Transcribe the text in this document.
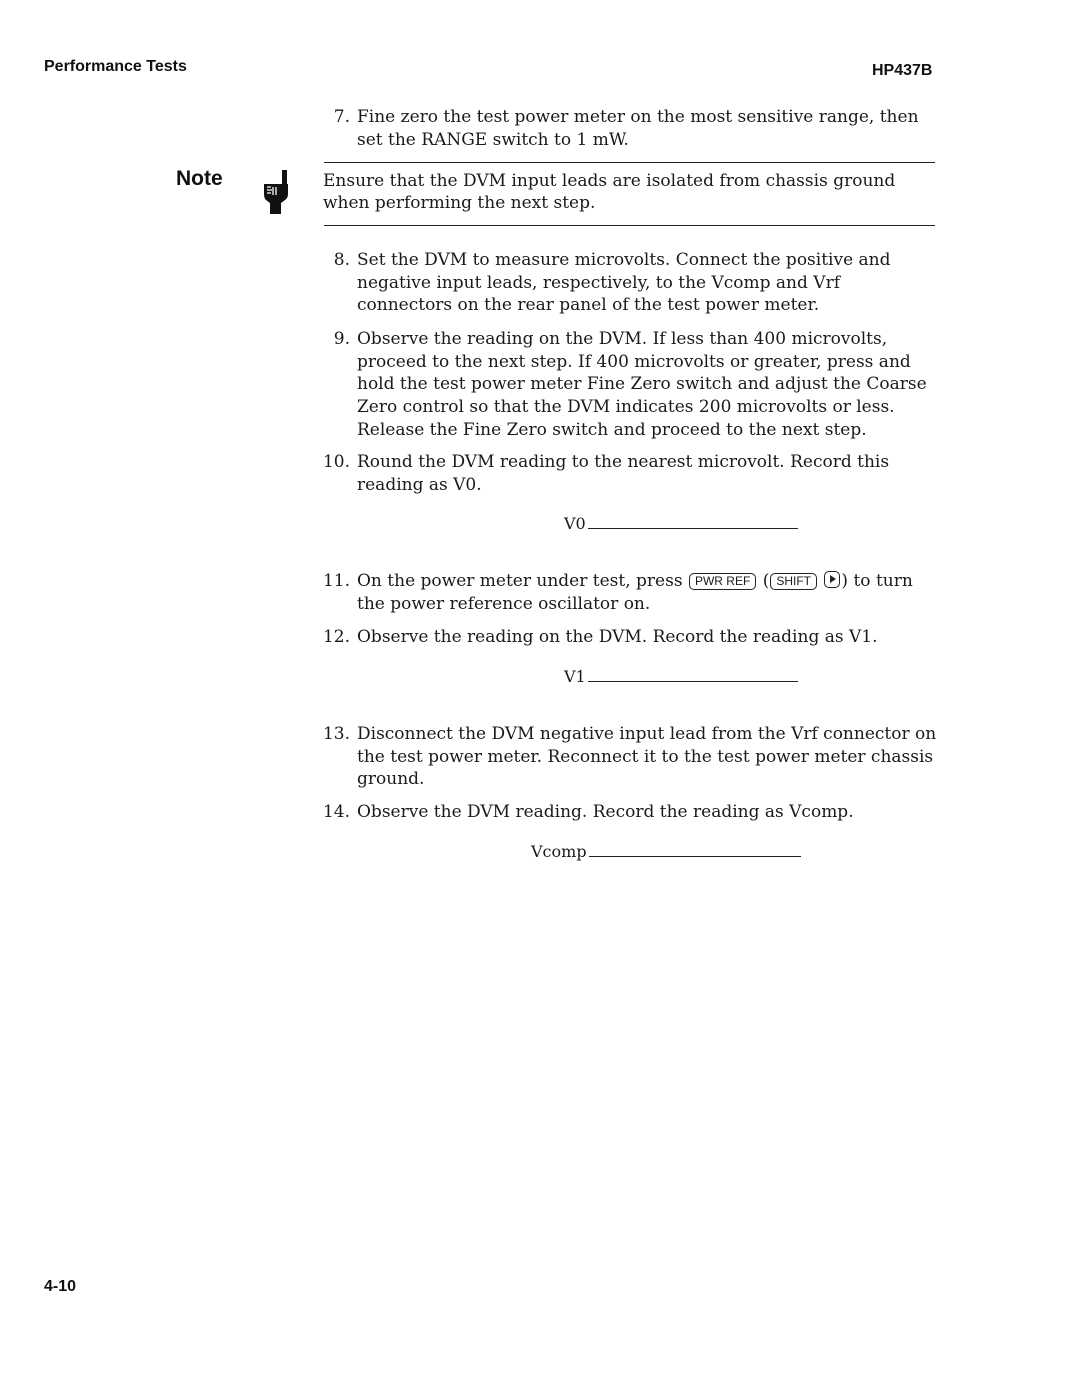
Performance Tests	HP437B
7. Fine zero the test power meter on the most sensitive range, then set the RANGE switch to 1 mW.
Note	Ensure that the DVM input leads are isolated from chassis ground when performing the next step.
8. Set the DVM to measure microvolts. Connect the positive and negative input leads, respectively, to the Vcomp and Vrf connectors on the rear panel of the test power meter.
9. Observe the reading on the DVM. If less than 400 microvolts, proceed to the next step. If 400 microvolts or greater, press and hold the test power meter Fine Zero switch and adjust the Coarse Zero control so that the DVM indicates 200 microvolts or less. Release the Fine Zero switch and proceed to the next step.
10. Round the DVM reading to the nearest microvolt. Record this reading as V0.
V0
11. On the power meter under test, press PWR REF ( SHIFT ) to turn the power reference oscillator on.
12. Observe the reading on the DVM. Record the reading as V1.
V1
13. Disconnect the DVM negative input lead from the Vrf connector on the test power meter. Reconnect it to the test power meter chassis ground.
14. Observe the DVM reading. Record the reading as Vcomp.
Vcomp
4-10
